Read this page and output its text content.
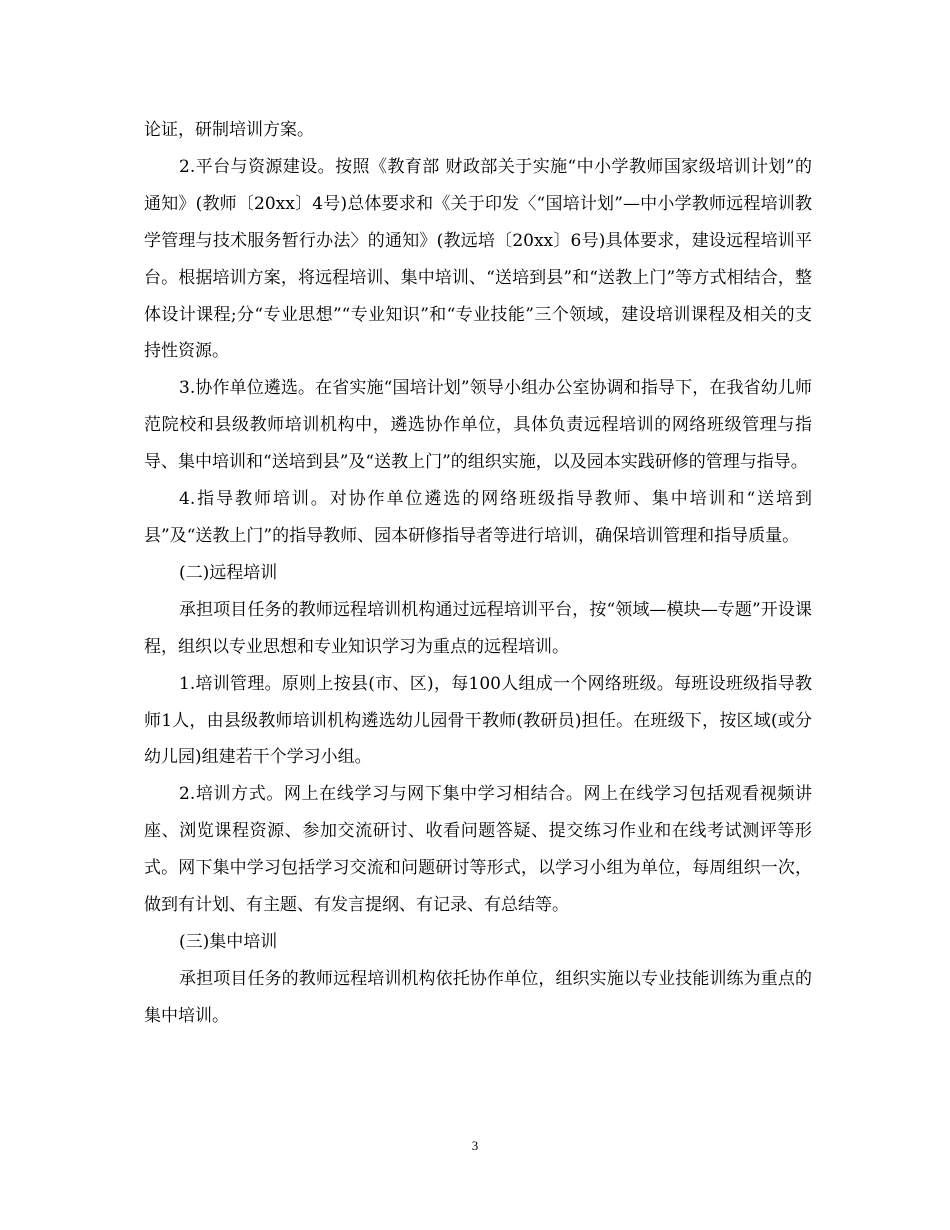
论证，研制培训方案。

2.平台与资源建设。按照《教育部 财政部关于实施“中小学教师国家级培训计划”的通知》(教师〔20xx〕4号)总体要求和《关于印发〈“国培计划”—中小学教师远程培训教学管理与技术服务暂行办法〉的通知》(教远培〔20xx〕6号)具体要求，建设远程培训平台。根据培训方案，将远程培训、集中培训、“送培到县”和“送教上门”等方式相结合，整体设计课程;分“专业思想”“专业知识”和“专业技能”三个领域，建设培训课程及相关的支持性资源。

3.协作单位遴选。在省实施“国培计划”领导小组办公室协调和指导下，在我省幼儿师范院校和县级教师培训机构中，遴选协作单位，具体负责远程培训的网络班级管理与指导、集中培训和“送培到县”及“送教上门”的组织实施，以及园本实践研修的管理与指导。

4.指导教师培训。对协作单位遴选的网络班级指导教师、集中培训和“送培到县”及“送教上门”的指导教师、园本研修指导者等进行培训，确保培训管理和指导质量。

(二)远程培训

承担项目任务的教师远程培训机构通过远程培训平台，按“领域—模块—专题”开设课程，组织以专业思想和专业知识学习为重点的远程培训。

1.培训管理。原则上按县(市、区)，每100人组成一个网络班级。每班设班级指导教师1人，由县级教师培训机构遴选幼儿园骨干教师(教研员)担任。在班级下，按区域(或分幼儿园)组建若干个学习小组。

2.培训方式。网上在线学习与网下集中学习相结合。网上在线学习包括观看视频讲座、浏览课程资源、参加交流研讨、收看问题答疑、提交练习作业和在线考试测评等形式。网下集中学习包括学习交流和问题研讨等形式，以学习小组为单位，每周组织一次，做到有计划、有主题、有发言提纲、有记录、有总结等。

(三)集中培训

承担项目任务的教师远程培训机构依托协作单位，组织实施以专业技能训练为重点的集中培训。

3
